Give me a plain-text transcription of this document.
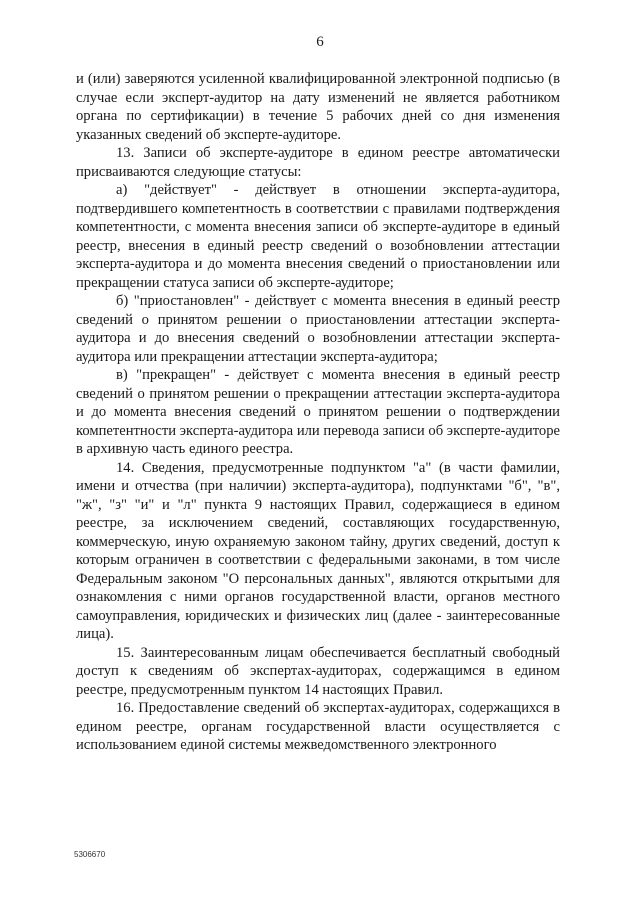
6

и (или) заверяются усиленной квалифицированной электронной подписью (в случае если эксперт-аудитор на дату изменений не является работником органа по сертификации) в течение 5 рабочих дней со дня изменения указанных сведений об эксперте-аудиторе.

13. Записи об эксперте-аудиторе в едином реестре автоматически присваиваются следующие статусы:

а) "действует" - действует в отношении эксперта-аудитора, подтвердившего компетентность в соответствии с правилами подтверждения компетентности, с момента внесения записи об эксперте-аудиторе в единый реестр, внесения в единый реестр сведений о возобновлении аттестации эксперта-аудитора и до момента внесения сведений о приостановлении или прекращении статуса записи об эксперте-аудиторе;

б) "приостановлен" - действует с момента внесения в единый реестр сведений о принятом решении о приостановлении аттестации эксперта-аудитора и до внесения сведений о возобновлении аттестации эксперта-аудитора или прекращении аттестации эксперта-аудитора;

в) "прекращен" - действует с момента внесения в единый реестр сведений о принятом решении о прекращении аттестации эксперта-аудитора и до момента внесения сведений о принятом решении о подтверждении компетентности эксперта-аудитора или перевода записи об эксперте-аудиторе в архивную часть единого реестра.

14. Сведения, предусмотренные подпунктом "а" (в части фамилии, имени и отчества (при наличии) эксперта-аудитора), подпунктами "б", "в", "ж", "з" "и" и "л" пункта 9 настоящих Правил, содержащиеся в едином реестре, за исключением сведений, составляющих государственную, коммерческую, иную охраняемую законом тайну, других сведений, доступ к которым ограничен в соответствии с федеральными законами, в том числе Федеральным законом "О персональных данных", являются открытыми для ознакомления с ними органов государственной власти, органов местного самоуправления, юридических и физических лиц (далее - заинтересованные лица).

15. Заинтересованным лицам обеспечивается бесплатный свободный доступ к сведениям об экспертах-аудиторах, содержащимся в едином реестре, предусмотренным пунктом 14 настоящих Правил.

16. Предоставление сведений об экспертах-аудиторах, содержащихся в едином реестре, органам государственной власти осуществляется с использованием единой системы межведомственного электронного

5306670
